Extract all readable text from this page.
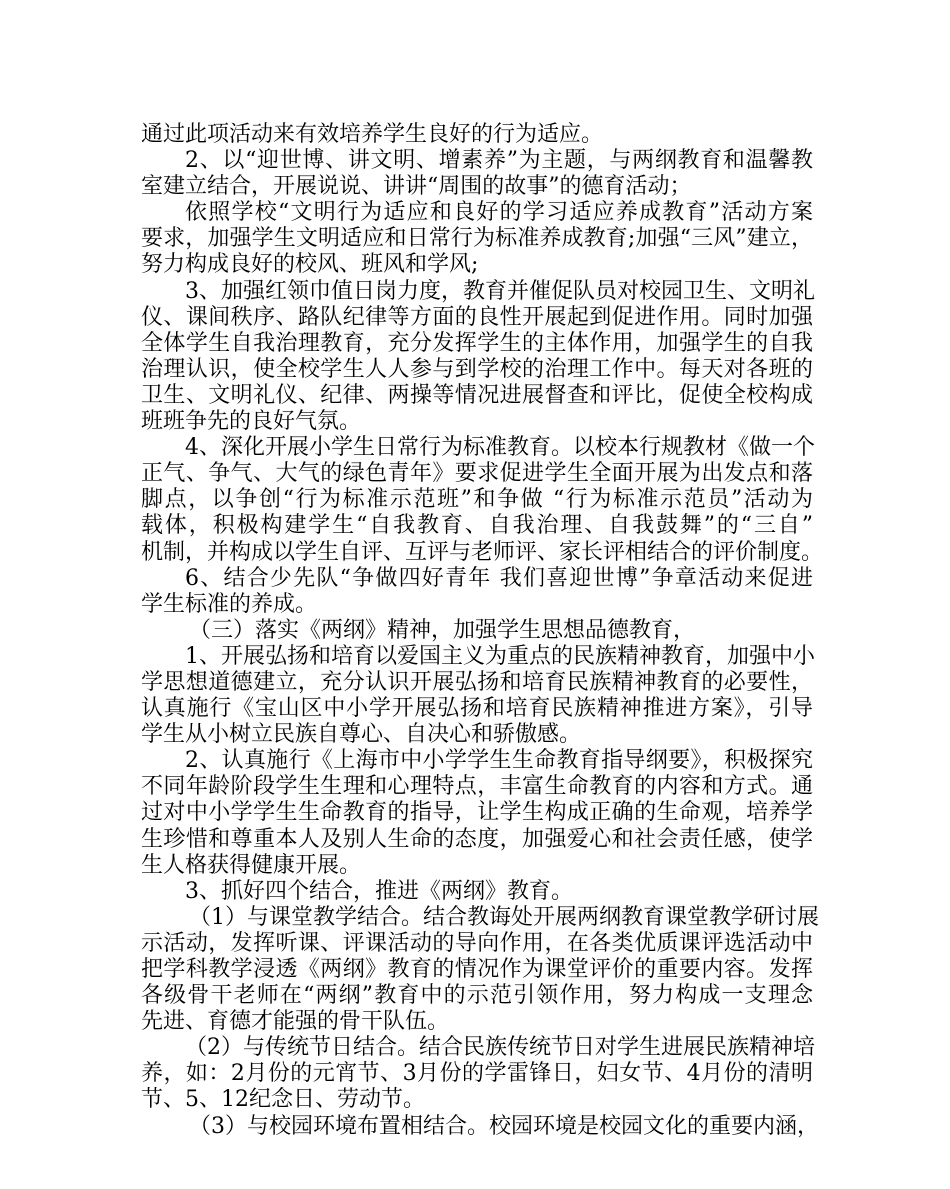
通过此项活动来有效培养学生良好的行为适应。
2、以“迎世博、讲文明、增素养”为主题，与两纲教育和温馨教
室建立结合，开展说说、讲讲“周围的故事”的德育活动；
依照学校“文明行为适应和良好的学习适应养成教育”活动方案
要求，加强学生文明适应和日常行为标准养成教育;加强“三风”建立，
努力构成良好的校风、班风和学风;
3、加强红领巾值日岗力度，教育并催促队员对校园卫生、文明礼
仪、课间秩序、路队纪律等方面的良性开展起到促进作用。同时加强
全体学生自我治理教育，充分发挥学生的主体作用，加强学生的自我
治理认识，使全校学生人人参与到学校的治理工作中。每天对各班的
卫生、文明礼仪、纪律、两操等情况进展督查和评比，促使全校构成
班班争先的良好气氛。
4、深化开展小学生日常行为标准教育。以校本行规教材《做一个
正气、争气、大气的绿色青年》要求促进学生全面开展为出发点和落
脚点，以争创“行为标准示范班”和争做 “行为标准示范员”活动为
载体，积极构建学生“自我教育、自我治理、自我鼓舞”的“三自”
机制，并构成以学生自评、互评与老师评、家长评相结合的评价制度。
6、结合少先队“争做四好青年 我们喜迎世博”争章活动来促进
学生标准的养成。
（三）落实《两纲》精神，加强学生思想品德教育，
1、开展弘扬和培育以爱国主义为重点的民族精神教育，加强中小
学思想道德建立，充分认识开展弘扬和培育民族精神教育的必要性，
认真施行《宝山区中小学开展弘扬和培育民族精神推进方案》，引导
学生从小树立民族自尊心、自决心和骄傲感。
2、认真施行《上海市中小学学生生命教育指导纲要》，积极探究
不同年龄阶段学生生理和心理特点，丰富生命教育的内容和方式。通
过对中小学学生生命教育的指导，让学生构成正确的生命观，培养学
生珍惜和尊重本人及别人生命的态度，加强爱心和社会责任感，使学
生人格获得健康开展。
3、抓好四个结合，推进《两纲》教育。
（1）与课堂教学结合。结合教诲处开展两纲教育课堂教学研讨展
示活动，发挥听课、评课活动的导向作用，在各类优质课评选活动中
把学科教学浸透《两纲》教育的情况作为课堂评价的重要内容。发挥
各级骨干老师在“两纲”教育中的示范引领作用，努力构成一支理念
先进、育德才能强的骨干队伍。
（2）与传统节日结合。结合民族传统节日对学生进展民族精神培
养，如：2月份的元宵节、3月份的学雷锋日，妇女节、4月份的清明
节、5、12纪念日、劳动节。
（3）与校园环境布置相结合。校园环境是校园文化的重要内涵，
